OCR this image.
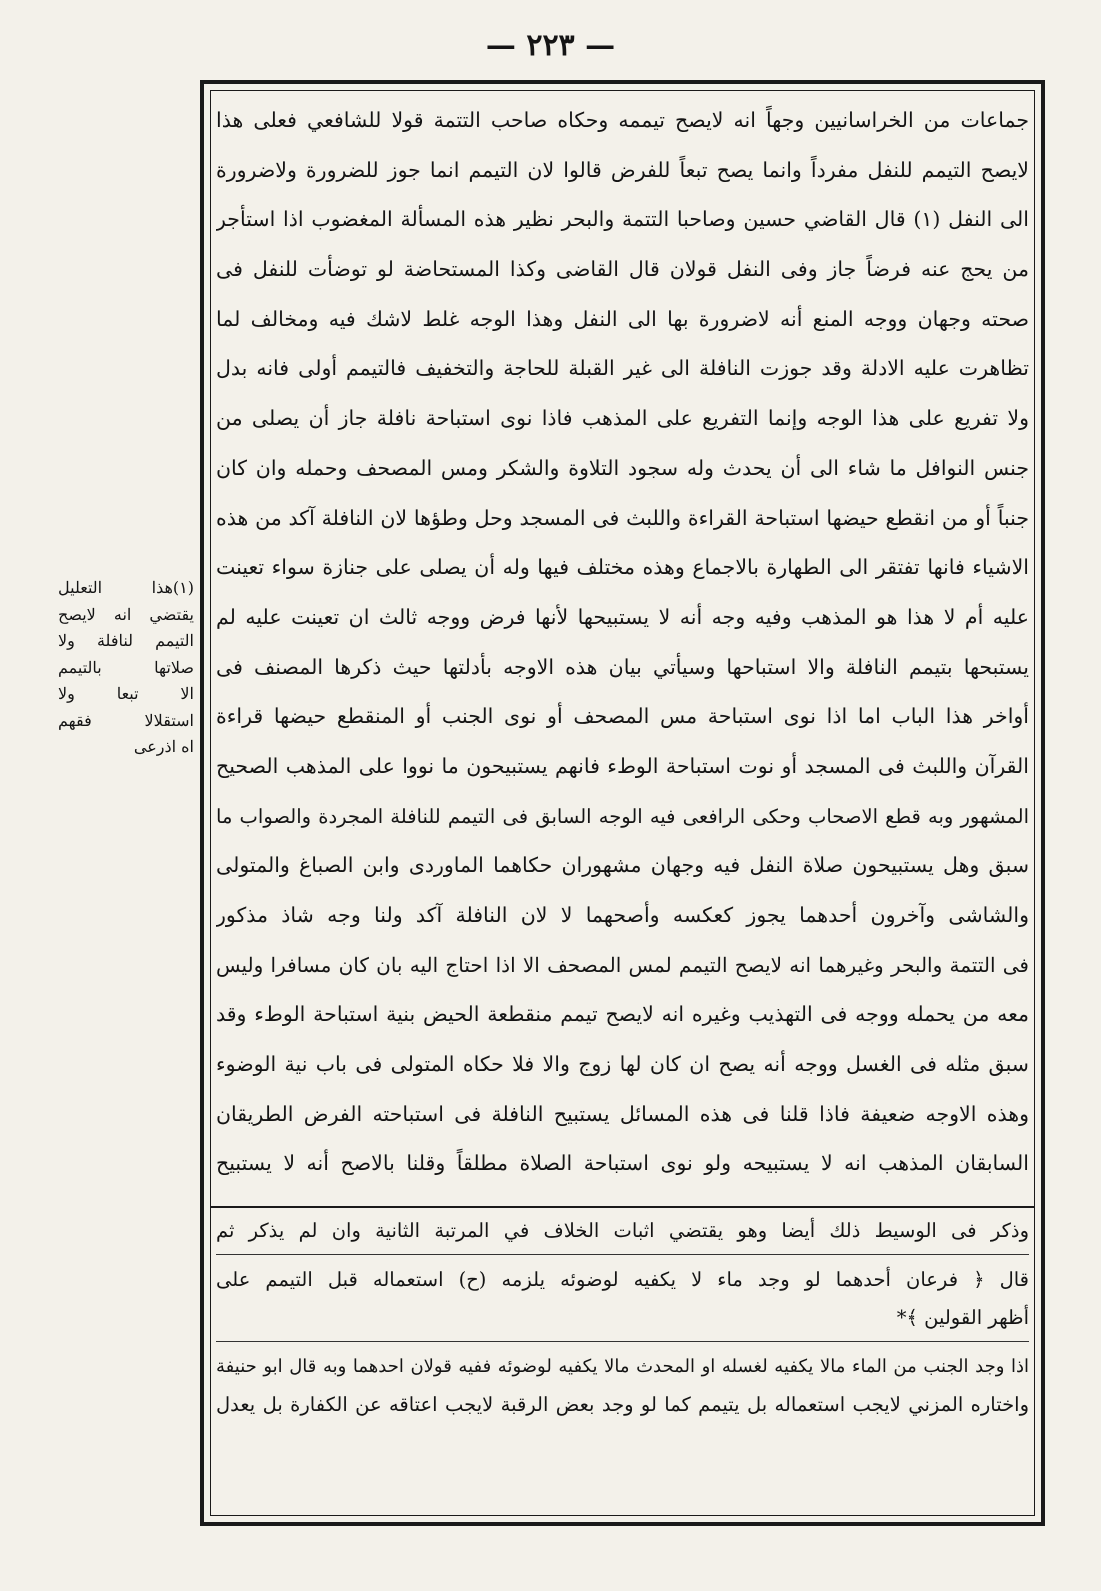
— ٢٢٣ —
(١)هذا التعليل
يقتضي انه لايصح
التيمم لنافلة ولا
صلاتها بالتيمم
الا تبعا ولا
استقلالا فقهم
اه اذرعى
جماعات من الخراسانيين وجهاً انه لايصح تيممه وحكاه صاحب التتمة قولا للشافعي فعلى هذا
لايصح التيمم للنفل مفرداً وانما يصح تبعاً للفرض قالوا لان التيمم انما جوز للضرورة ولاضرورة
الى النفل (١) قال القاضي حسين وصاحبا التتمة والبحر نظير هذه المسألة المغضوب اذا استأجر
من يحج عنه فرضاً جاز وفى النفل قولان قال القاضى وكذا المستحاضة لو توضأت للنفل فى
صحته وجهان ووجه المنع أنه لاضرورة بها الى النفل وهذا الوجه غلط لاشك فيه ومخالف لما
تظاهرت عليه الادلة وقد جوزت النافلة الى غير القبلة للحاجة والتخفيف فالتيمم أولى فانه بدل
ولا تفريع على هذا الوجه وإنما التفريع على المذهب فاذا نوى استباحة نافلة جاز أن يصلى من
جنس النوافل ما شاء الى أن يحدث وله سجود التلاوة والشكر ومس المصحف وحمله وان كان
جنباً أو من انقطع حيضها استباحة القراءة واللبث فى المسجد وحل وطؤها لان النافلة آكد من هذه
الاشياء فانها تفتقر الى الطهارة بالاجماع وهذه مختلف فيها وله أن يصلى على جنازة سواء تعينت
عليه أم لا هذا هو المذهب وفيه وجه أنه لا يستبيحها لأنها فرض ووجه ثالث ان تعينت عليه لم
يستبحها بتيمم النافلة والا استباحها وسيأتي بيان هذه الاوجه بأدلتها حيث ذكرها المصنف فى
أواخر هذا الباب اما اذا نوى استباحة مس المصحف أو نوى الجنب أو المنقطع حيضها قراءة
القرآن واللبث فى المسجد أو نوت استباحة الوطء فانهم يستبيحون ما نووا على المذهب الصحيح
المشهور وبه قطع الاصحاب وحكى الرافعى فيه الوجه السابق فى التيمم للنافلة المجردة والصواب ما
سبق وهل يستبيحون صلاة النفل فيه وجهان مشهوران حكاهما الماوردى وابن الصباغ والمتولى
والشاشى وآخرون أحدهما يجوز كعكسه وأصحهما لا لان النافلة آكد ولنا وجه شاذ مذكور
فى التتمة والبحر وغيرهما انه لايصح التيمم لمس المصحف الا اذا احتاج اليه بان كان مسافرا وليس
معه من يحمله ووجه فى التهذيب وغيره انه لايصح تيمم منقطعة الحيض بنية استباحة الوطء وقد
سبق مثله فى الغسل ووجه أنه يصح ان كان لها زوج والا فلا حكاه المتولى فى باب نية الوضوء
وهذه الاوجه ضعيفة فاذا قلنا فى هذه المسائل يستبيح النافلة فى استباحته الفرض الطريقان
السابقان المذهب انه لا يستبيحه ولو نوى استباحة الصلاة مطلقاً وقلنا بالاصح أنه لا يستبيح
وذكر فى الوسيط ذلك أيضا وهو يقتضي اثبات الخلاف في المرتبة الثانية وان لم يذكر ثم
قال ﴿ فرعان أحدهما لو وجد ماء لا يكفيه لوضوئه يلزمه (ح) استعماله قبل التيمم على
أظهر القولين ﴾*
اذا وجد الجنب من الماء مالا يكفيه لغسله او المحدث مالا يكفيه لوضوئه ففيه قولان احدهما وبه قال ابو حنيفة
واختاره المزني لايجب استعماله بل يتيمم كما لو وجد بعض الرقبة لايجب اعتاقه عن الكفارة بل يعدل
